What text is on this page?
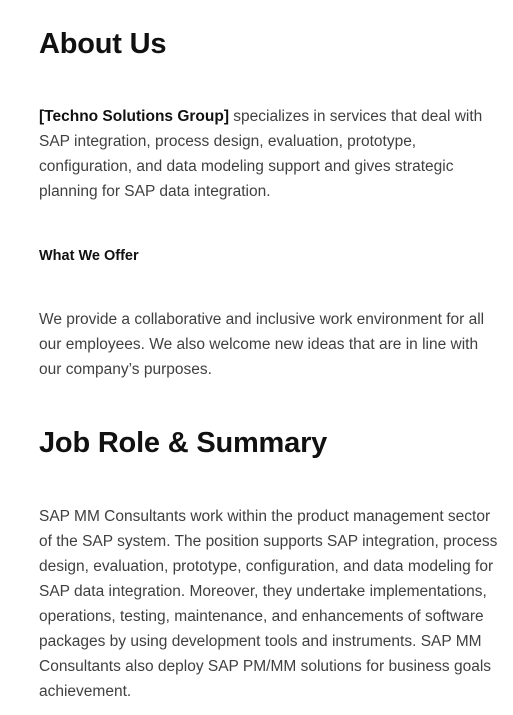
About Us

[Techno Solutions Group] specializes in services that deal with SAP integration, process design, evaluation, prototype, configuration, and data modeling support and gives strategic planning for SAP data integration.

What We Offer

We provide a collaborative and inclusive work environment for all our employees. We also welcome new ideas that are in line with our company’s purposes.

Job Role & Summary

SAP MM Consultants work within the product management sector of the SAP system. The position supports SAP integration, process design, evaluation, prototype, configuration, and data modeling for SAP data integration. Moreover, they undertake implementations, operations, testing, maintenance, and enhancements of software packages by using development tools and instruments. SAP MM Consultants also deploy SAP PM/MM solutions for business goals achievement.
